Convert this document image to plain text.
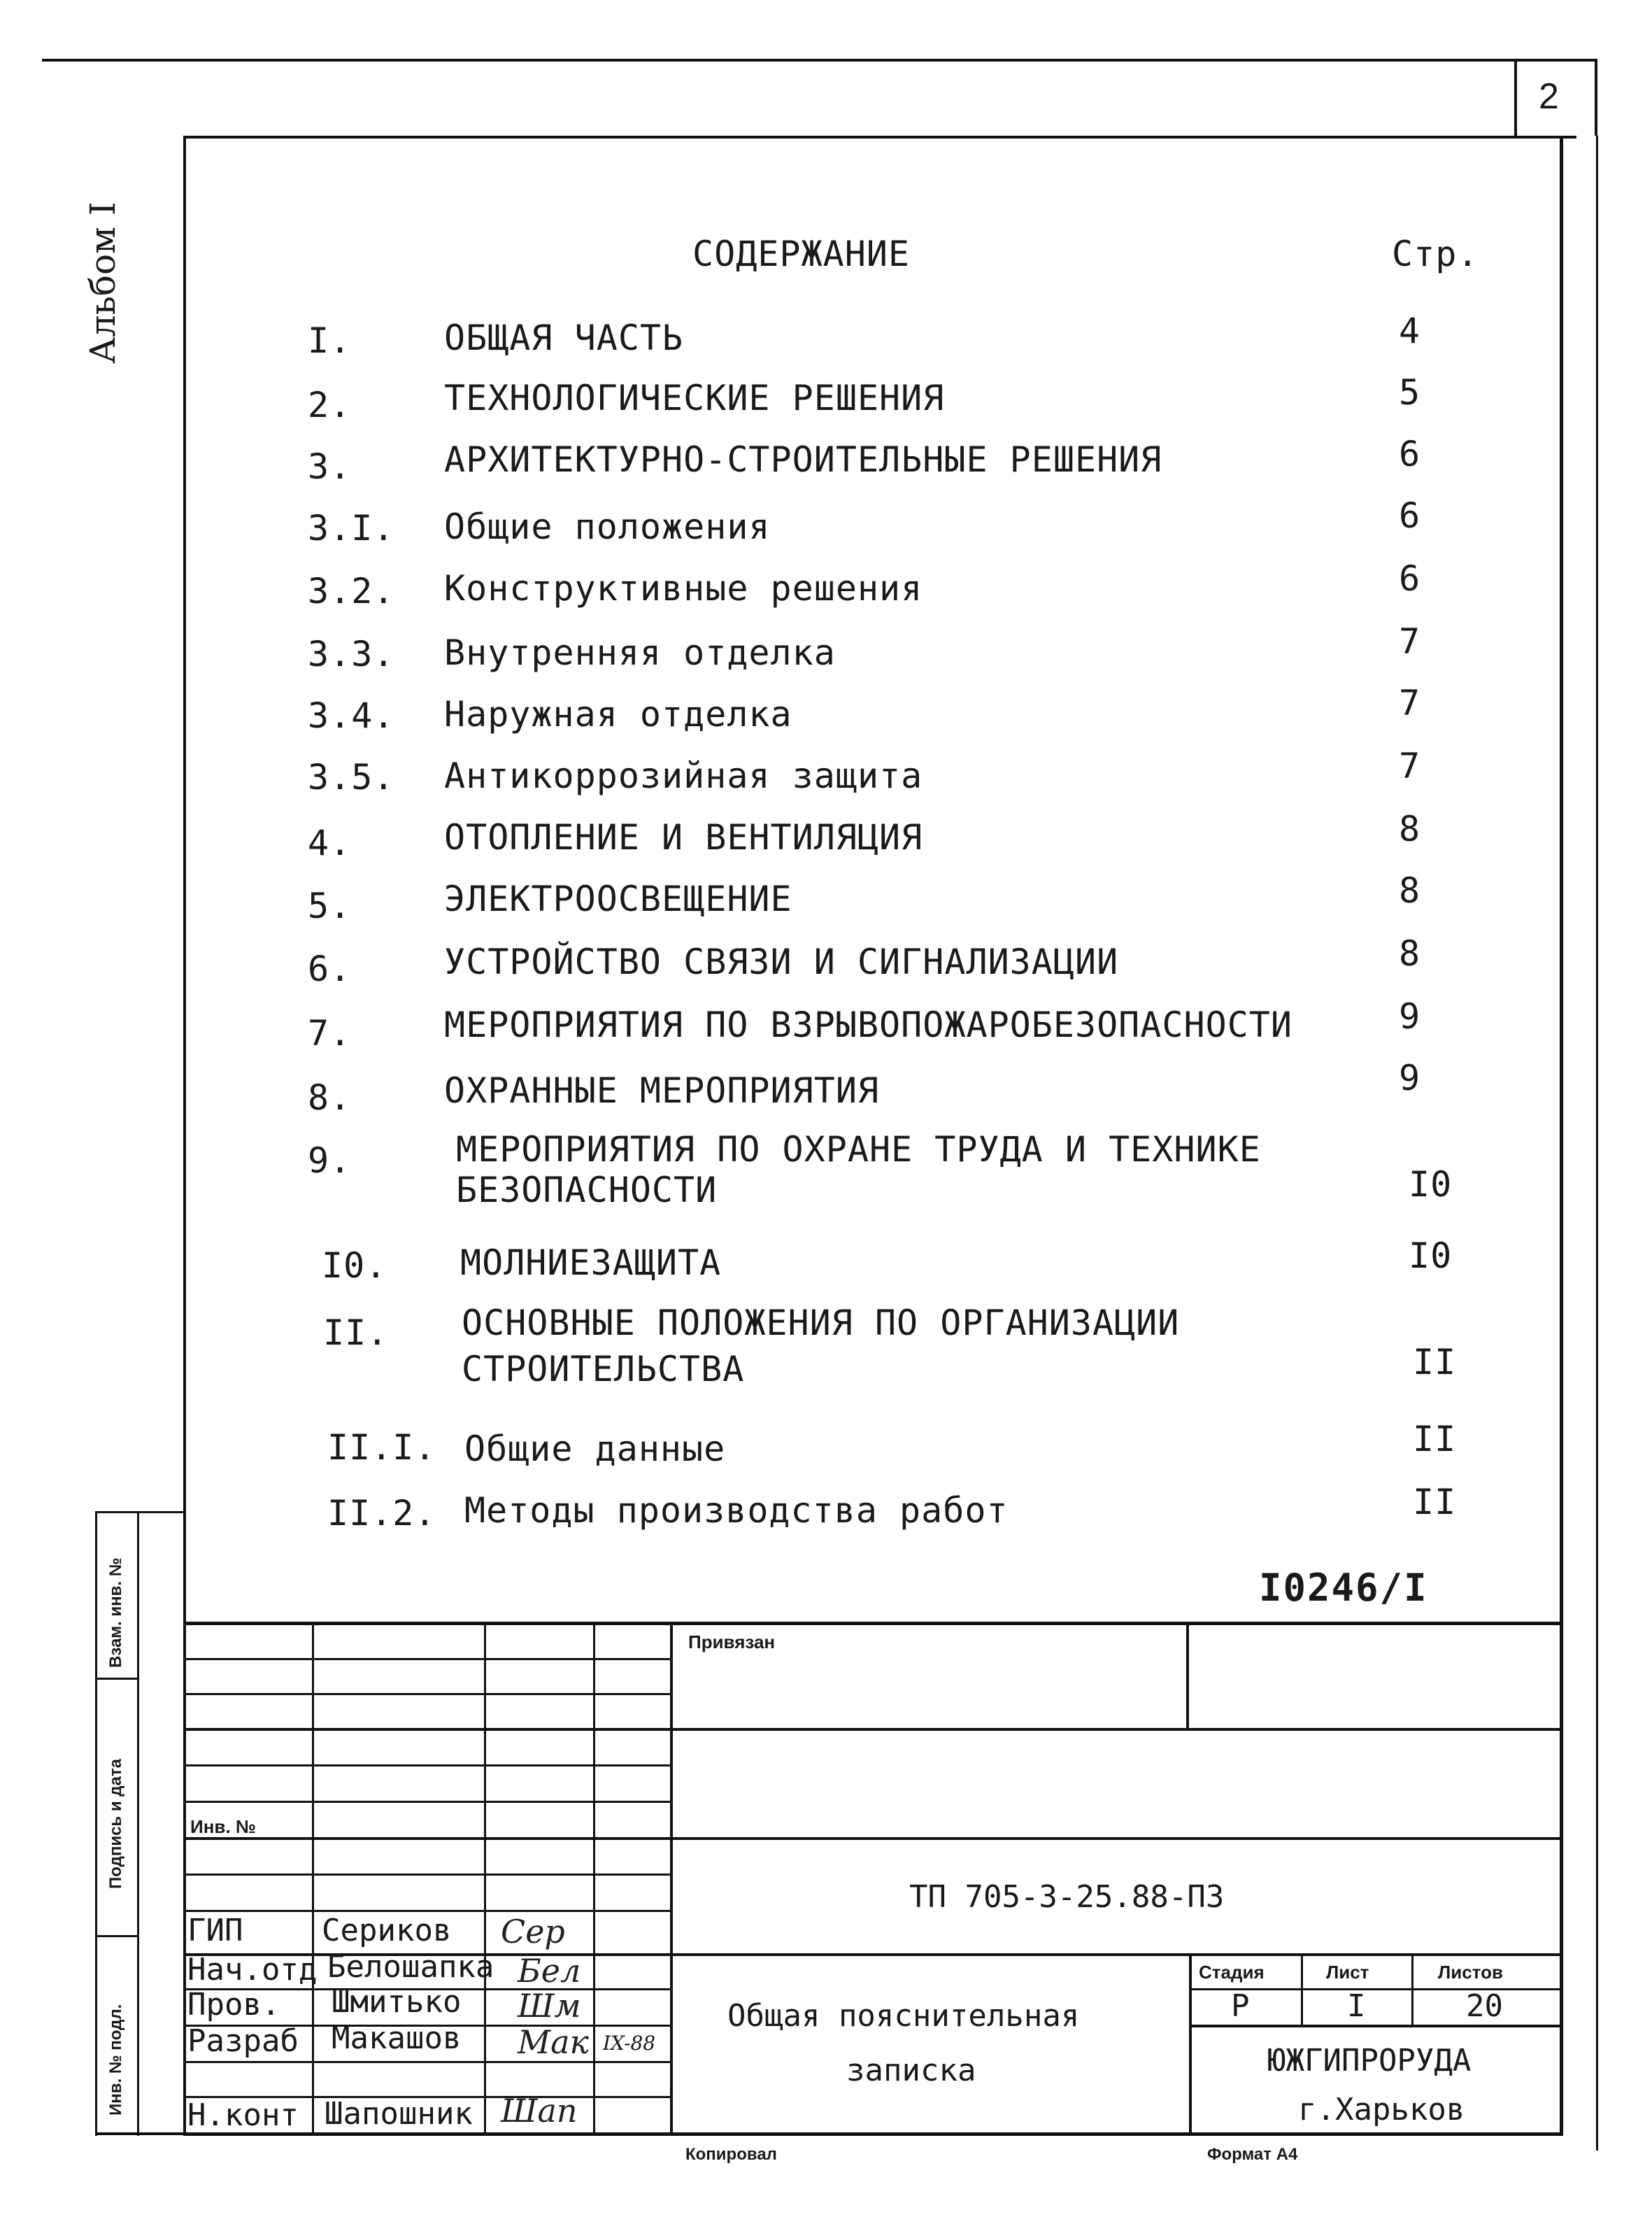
2
Альбом I	СОДЕРЖАНИЕ	Стр.
I.	ОБЩАЯ ЧАСТЬ	4
2.	ТЕХНОЛОГИЧЕСКИЕ РЕШЕНИЯ	5
3.	АРХИТЕКТУРНО-СТРОИТЕЛЬНЫЕ РЕШЕНИЯ	6
3.I. Общие положения	6
3.2. Конструктивные решения	6
3.3. Внутренняя отделка	7
3.4. Наружная отделка	7
3.5. Антикоррозийная защита	7
4.	ОТОПЛЕНИЕ И ВЕНТИЛЯЦИЯ	8
5.	ЭЛЕКТРООСВЕЩЕНИЕ	8
6.	УСТРОЙСТВО СВЯЗИ И СИГНАЛИЗАЦИИ	8
7.	МЕРОПРИЯТИЯ ПО ВЗРЫВОПОЖАРОБЕЗОПАСНОСТИ	9
8.	ОХРАННЫЕ МЕРОПРИЯТИЯ	9
9.	МЕРОПРИЯТИЯ ПО ОХРАНЕ ТРУДА И ТЕХНИКЕ
БЕЗОПАСНОСТИ	I0
I0. МОЛНИЕЗАЩИТА	I0
II. ОСНОВНЫЕ ПОЛОЖЕНИЯ ПО ОРГАНИЗАЦИИ
СТРОИТЕЛЬСТВА	II
II.I. Общие данные	II
II.2. Методы производства работ	II
I0246/I
Привязан
Инв. №
ТП 705-3-25.88-ПЗ
ГИП	Сериков Сер
Нач.отд Белошапка Бел
Пров. Шмитько Шм
Разраб Макашов Мак IX-88
Н.конт Шапошник Шап
Общая пояснительная
записка
Стадия	Лист	Листов
Р	I	20
ЮЖГИПРОРУДА
г.Харьков
Взам. инв. №
Подпись и дата
Инв. № подл.
Копировал	Формат А4
